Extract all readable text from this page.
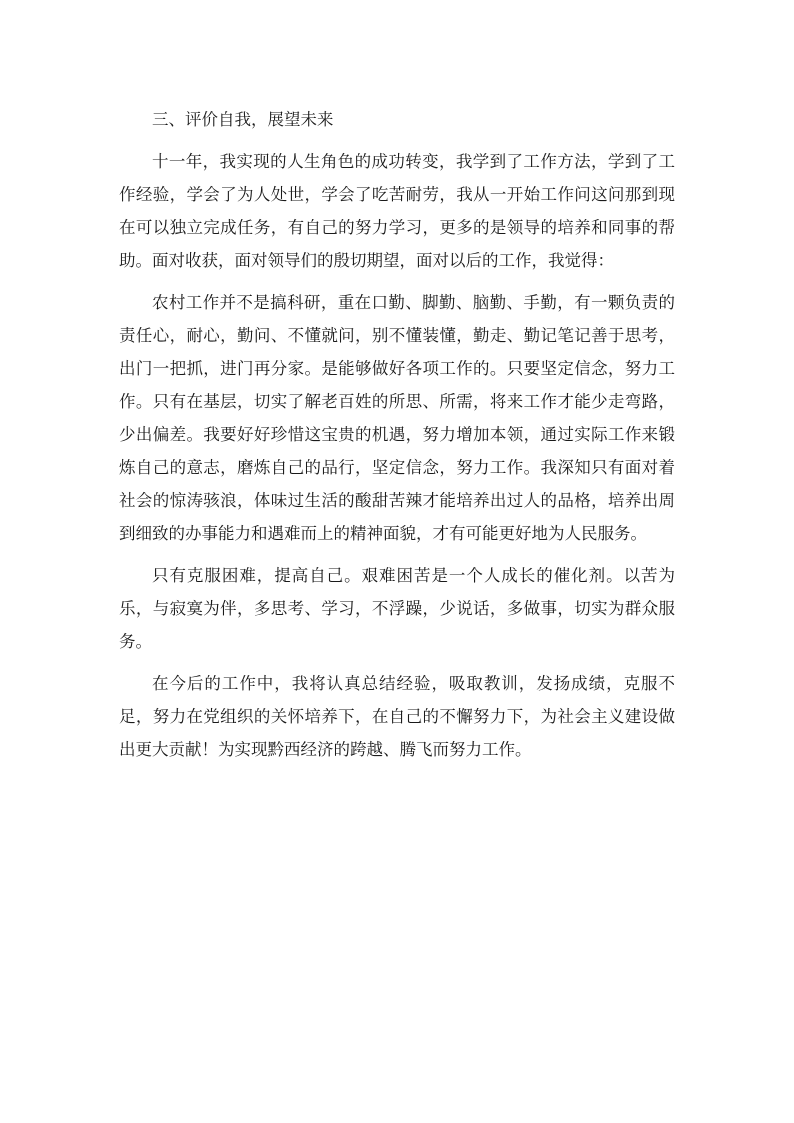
三、评价自我，展望未来

十一年，我实现的人生角色的成功转变，我学到了工作方法，学到了工作经验，学会了为人处世，学会了吃苦耐劳，我从一开始工作问这问那到现在可以独立完成任务，有自己的努力学习，更多的是领导的培养和同事的帮助。面对收获，面对领导们的殷切期望，面对以后的工作，我觉得：

农村工作并不是搞科研，重在口勤、脚勤、脑勤、手勤，有一颗负责的责任心，耐心，勤问、不懂就问，别不懂装懂，勤走、勤记笔记善于思考，出门一把抓，进门再分家。是能够做好各项工作的。只要坚定信念，努力工作。只有在基层，切实了解老百姓的所思、所需，将来工作才能少走弯路，少出偏差。我要好好珍惜这宝贵的机遇，努力增加本领，通过实际工作来锻炼自己的意志，磨炼自己的品行，坚定信念，努力工作。我深知只有面对着社会的惊涛骇浪，体味过生活的酸甜苦辣才能培养出过人的品格，培养出周到细致的办事能力和遇难而上的精神面貌，才有可能更好地为人民服务。

只有克服困难，提高自己。艰难困苦是一个人成长的催化剂。以苦为乐，与寂寞为伴，多思考、学习，不浮躁，少说话，多做事，切实为群众服务。

在今后的工作中，我将认真总结经验，吸取教训，发扬成绩，克服不足，努力在党组织的关怀培养下，在自己的不懈努力下，为社会主义建设做出更大贡献！为实现黔西经济的跨越、腾飞而努力工作。
